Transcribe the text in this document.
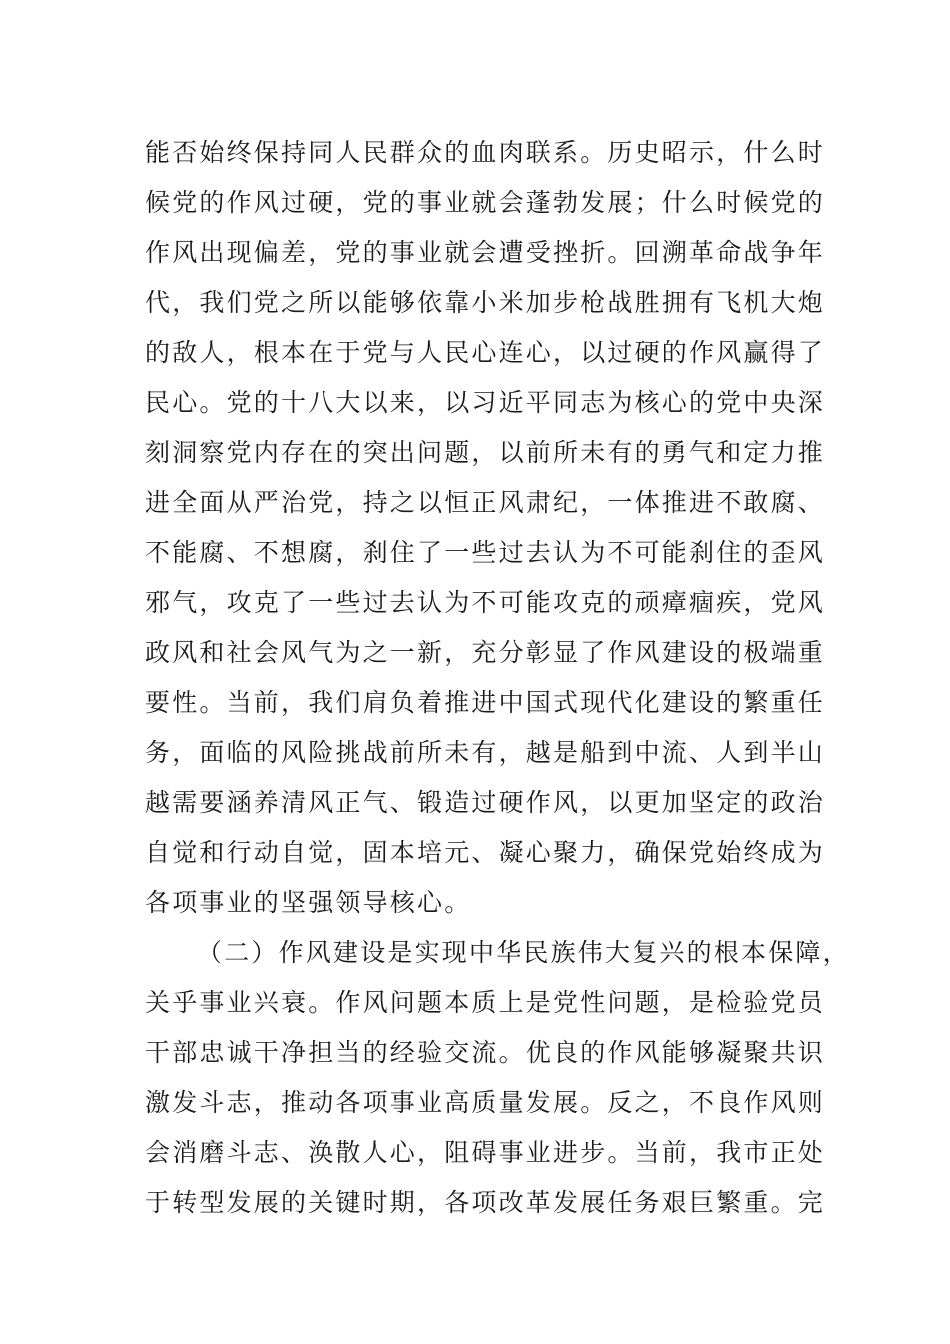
能否始终保持同人民群众的血肉联系。历史昭示，什么时
候党的作风过硬，党的事业就会蓬勃发展；什么时候党的
作风出现偏差，党的事业就会遭受挫折。回溯革命战争年
代，我们党之所以能够依靠小米加步枪战胜拥有飞机大炮
的敌人，根本在于党与人民心连心，以过硬的作风赢得了
民心。党的十八大以来，以习近平同志为核心的党中央深
刻洞察党内存在的突出问题，以前所未有的勇气和定力推
进全面从严治党，持之以恒正风肃纪，一体推进不敢腐、
不能腐、不想腐，刹住了一些过去认为不可能刹住的歪风
邪气，攻克了一些过去认为不可能攻克的顽瘴痼疾，党风
政风和社会风气为之一新，充分彰显了作风建设的极端重
要性。当前，我们肩负着推进中国式现代化建设的繁重任
务，面临的风险挑战前所未有，越是船到中流、人到半山
越需要涵养清风正气、锻造过硬作风，以更加坚定的政治
自觉和行动自觉，固本培元、凝心聚力，确保党始终成为
各项事业的坚强领导核心。
（二）作风建设是实现中华民族伟大复兴的根本保障，
关乎事业兴衰。作风问题本质上是党性问题，是检验党员
干部忠诚干净担当的经验交流。优良的作风能够凝聚共识
激发斗志，推动各项事业高质量发展。反之，不良作风则
会消磨斗志、涣散人心，阻碍事业进步。当前，我市正处
于转型发展的关键时期，各项改革发展任务艰巨繁重。完
